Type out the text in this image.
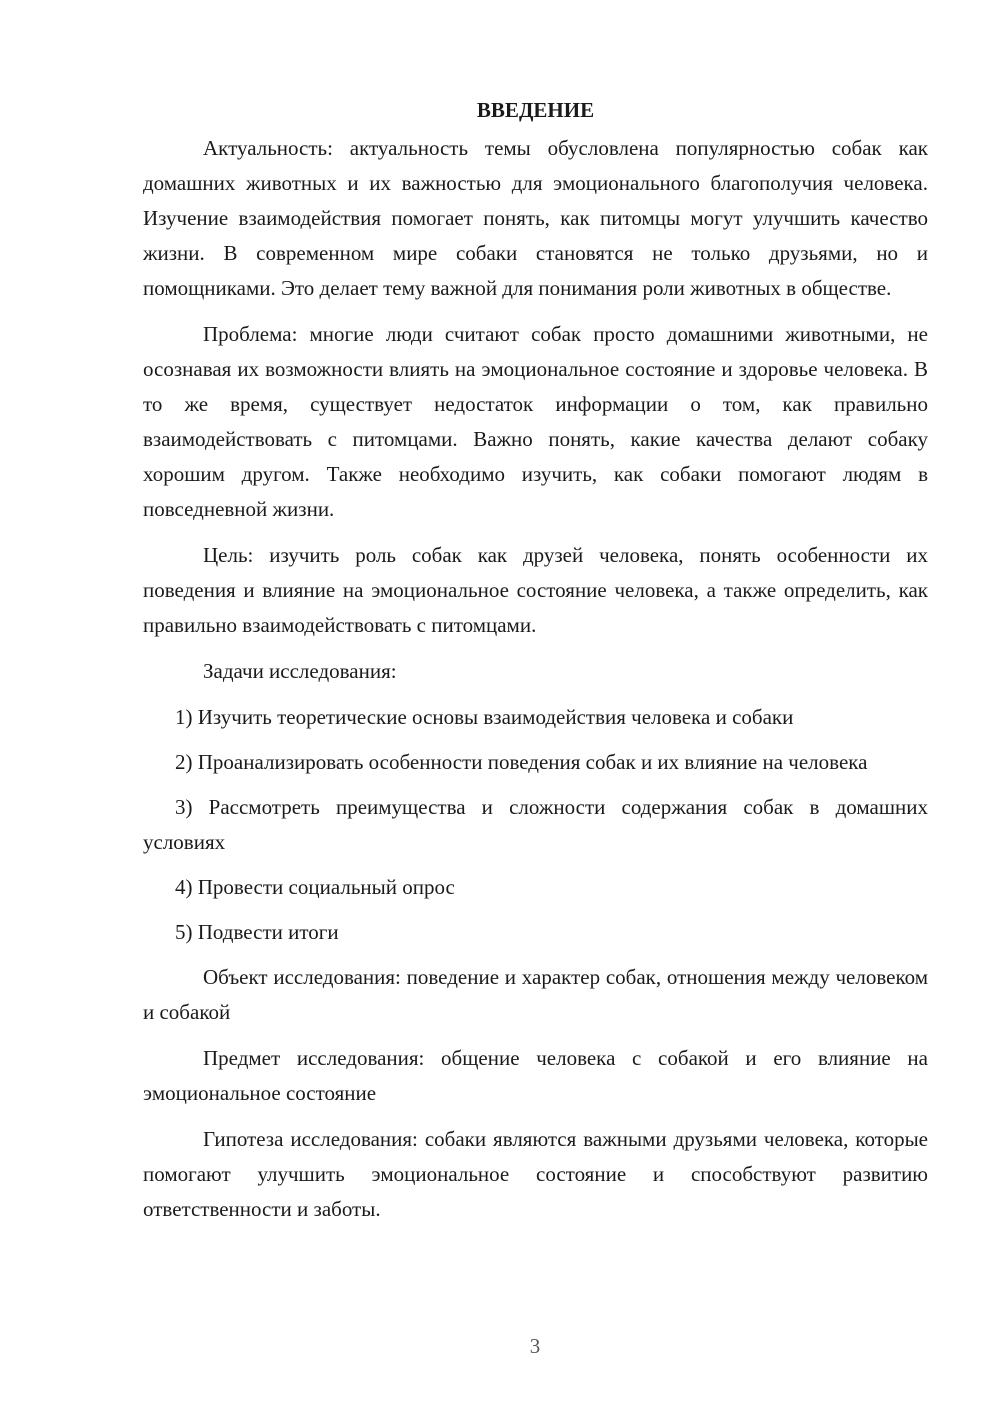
ВВЕДЕНИЕ

Актуальность: актуальность темы обусловлена популярностью собак как домашних животных и их важностью для эмоционального благополучия человека. Изучение взаимодействия помогает понять, как питомцы могут улучшить качество жизни. В современном мире собаки становятся не только друзьями, но и помощниками. Это делает тему важной для понимания роли животных в обществе.

Проблема: многие люди считают собак просто домашними животными, не осознавая их возможности влиять на эмоциональное состояние и здоровье человека. В то же время, существует недостаток информации о том, как правильно взаимодействовать с питомцами. Важно понять, какие качества делают собаку хорошим другом. Также необходимо изучить, как собаки помогают людям в повседневной жизни.

Цель: изучить роль собак как друзей человека, понять особенности их поведения и влияние на эмоциональное состояние человека, а также определить, как правильно взаимодействовать с питомцами.

Задачи исследования:

1) Изучить теоретические основы взаимодействия человека и собаки

2) Проанализировать особенности поведения собак и их влияние на человека

3) Рассмотреть преимущества и сложности содержания собак в домашних условиях

4) Провести социальный опрос

5) Подвести итоги

Объект исследования: поведение и характер собак, отношения между человеком и собакой

Предмет исследования: общение человека с собакой и его влияние на эмоциональное состояние

Гипотеза исследования: собаки являются важными друзьями человека, которые помогают улучшить эмоциональное состояние и способствуют развитию ответственности и заботы.

3
